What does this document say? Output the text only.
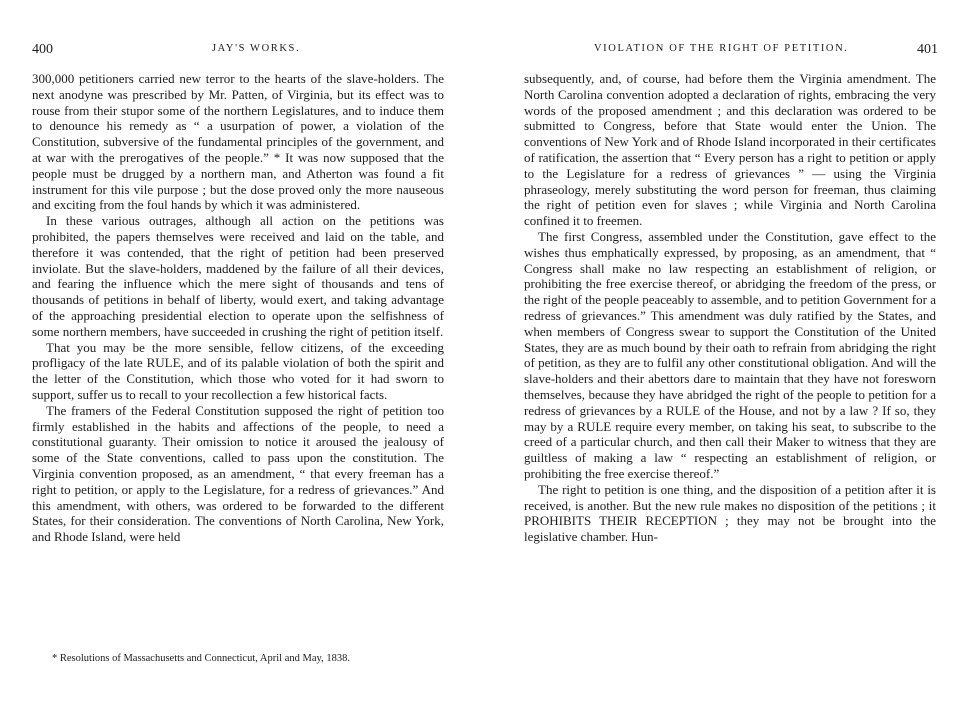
400	JAY'S WORKS.

300,000 petitioners carried new terror to the hearts of the slave-holders. The next anodyne was prescribed by Mr. Patten, of Virginia, but its effect was to rouse from their stupor some of the northern Legislatures, and to induce them to denounce his remedy as “ a usurpation of power, a violation of the Constitution, subversive of the fundamental principles of the government, and at war with the prerogatives of the people.” * It was now supposed that the people must be drugged by a northern man, and Atherton was found a fit instrument for this vile purpose ; but the dose proved only the more nauseous and exciting from the foul hands by which it was administered.

In these various outrages, although all action on the petitions was prohibited, the papers themselves were received and laid on the table, and therefore it was contended, that the right of petition had been preserved inviolate. But the slave-holders, maddened by the failure of all their devices, and fearing the influence which the mere sight of thousands and tens of thousands of petitions in behalf of liberty, would exert, and taking advantage of the approaching presidential election to operate upon the selfishness of some northern members, have succeeded in crushing the right of petition itself.

That you may be the more sensible, fellow citizens, of the exceeding profligacy of the late RULE, and of its palable violation of both the spirit and the letter of the Constitution, which those who voted for it had sworn to support, suffer us to recall to your recollection a few historical facts.

The framers of the Federal Constitution supposed the right of petition too firmly established in the habits and affections of the people, to need a constitutional guaranty. Their omission to notice it aroused the jealousy of some of the State conventions, called to pass upon the constitution. The Virginia convention proposed, as an amendment, “ that every freeman has a right to petition, or apply to the Legislature, for a redress of grievances.” And this amendment, with others, was ordered to be forwarded to the different States, for their consideration. The conventions of North Carolina, New York, and Rhode Island, were held

* Resolutions of Massachusetts and Connecticut, April and May, 1838.
VIOLATION OF THE RIGHT OF PETITION.	401

subsequently, and, of course, had before them the Virginia amendment. The North Carolina convention adopted a declaration of rights, embracing the very words of the proposed amendment ; and this declaration was ordered to be submitted to Congress, before that State would enter the Union. The conventions of New York and of Rhode Island incorporated in their certificates of ratification, the assertion that “ Every person has a right to petition or apply to the Legislature for a redress of grievances ” — using the Virginia phraseology, merely substituting the word person for freeman, thus claiming the right of petition even for slaves ; while Virginia and North Carolina confined it to freemen.

The first Congress, assembled under the Constitution, gave effect to the wishes thus emphatically expressed, by proposing, as an amendment, that “ Congress shall make no law respecting an establishment of religion, or prohibiting the free exercise thereof, or abridging the freedom of the press, or the right of the people peaceably to assemble, and to petition Government for a redress of grievances.” This amendment was duly ratified by the States, and when members of Congress swear to support the Constitution of the United States, they are as much bound by their oath to refrain from abridging the right of petition, as they are to fulfil any other constitutional obligation. And will the slave-holders and their abettors dare to maintain that they have not foresworn themselves, because they have abridged the right of the people to petition for a redress of grievances by a RULE of the House, and not by a law ? If so, they may by a RULE require every member, on taking his seat, to subscribe to the creed of a particular church, and then call their Maker to witness that they are guiltless of making a law “ respecting an establishment of religion, or prohibiting the free exercise thereof.”

The right to petition is one thing, and the disposition of a petition after it is received, is another. But the new rule makes no disposition of the petitions ; it PROHIBITS THEIR RECEPTION ; they may not be brought into the legislative chamber. Hun-
